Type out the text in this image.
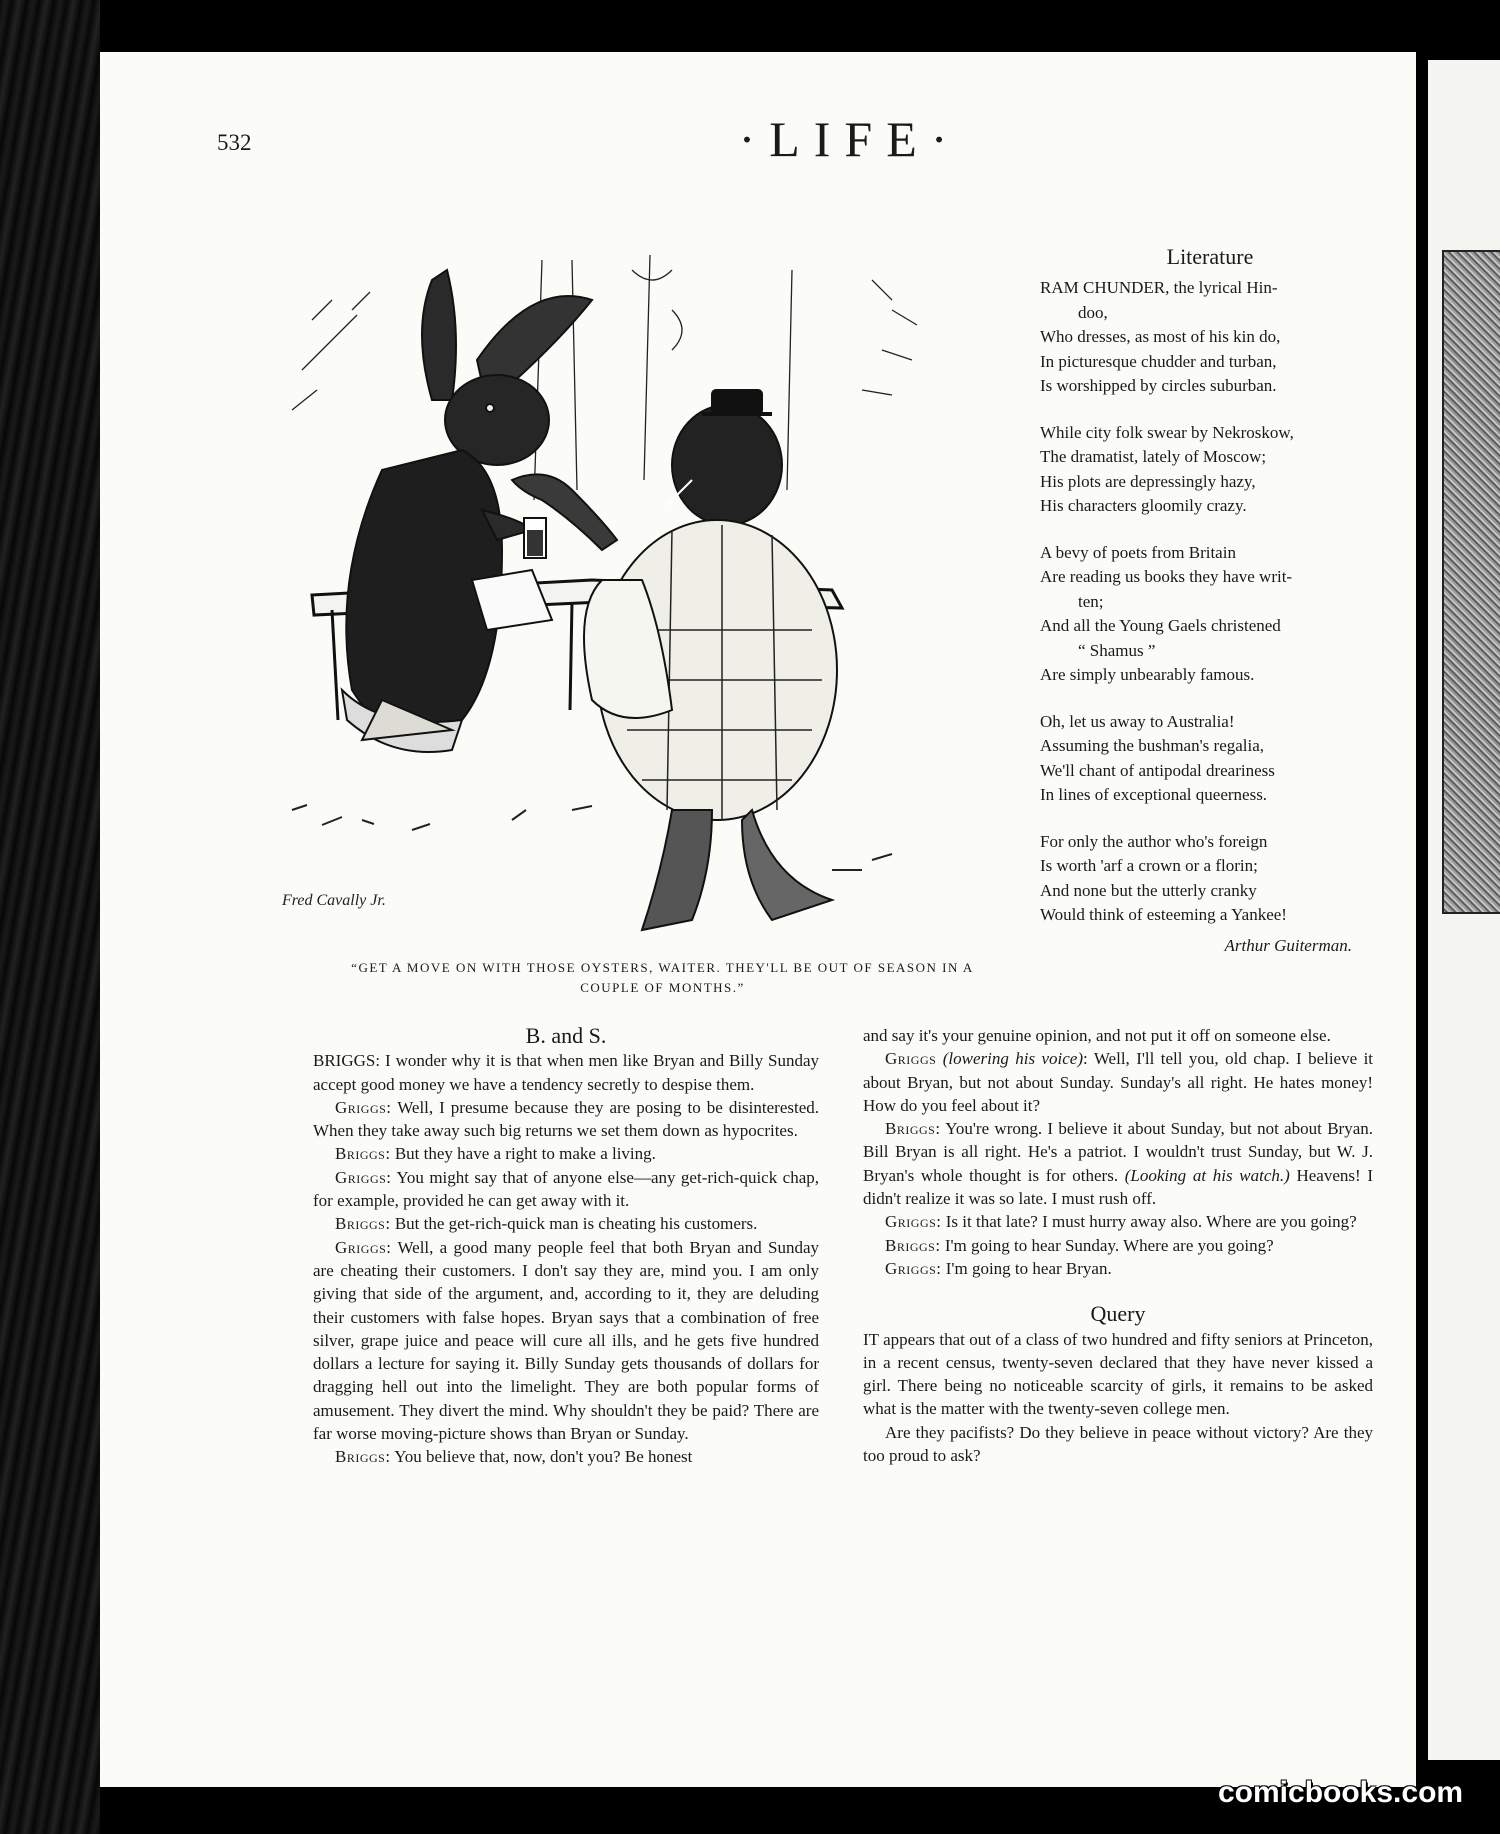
532	·LIFE·
Fred Cavally Jr.
“GET A MOVE ON WITH THOSE OYSTERS, WAITER. THEY'LL BE OUT OF SEASON IN A COUPLE OF MONTHS.”
Literature
RAM CHUNDER, the lyrical Hin-
doo,
Who dresses, as most of his kin do,
In picturesque chudder and turban,
Is worshipped by circles suburban.
While city folk swear by Nekroskow,
The dramatist, lately of Moscow;
His plots are depressingly hazy,
His characters gloomily crazy.
A bevy of poets from Britain
Are reading us books they have writ-
ten;
And all the Young Gaels christened
“ Shamus ”
Are simply unbearably famous.
Oh, let us away to Australia!
Assuming the bushman's regalia,
We'll chant of antipodal dreariness
In lines of exceptional queerness.
For only the author who's foreign
Is worth 'arf a crown or a florin;
And none but the utterly cranky
Would think of esteeming a Yankee!
Arthur Guiterman.
B. and S.

BRIGGS: I wonder why it is that when men like Bryan and Billy Sunday accept good money we have a tendency secretly to despise them.

Griggs: Well, I presume because they are posing to be disinterested. When they take away such big returns we set them down as hypocrites.

Briggs: But they have a right to make a living.

Griggs: You might say that of anyone else—any get-rich-quick chap, for example, provided he can get away with it.

Briggs: But the get-rich-quick man is cheating his customers.

Griggs: Well, a good many people feel that both Bryan and Sunday are cheating their customers. I don't say they are, mind you. I am only giving that side of the argument, and, according to it, they are deluding their customers with false hopes. Bryan says that a combination of free silver, grape juice and peace will cure all ills, and he gets five hundred dollars a lecture for saying it. Billy Sunday gets thousands of dollars for dragging hell out into the limelight. They are both popular forms of amusement. They divert the mind. Why shouldn't they be paid? There are far worse moving-picture shows than Bryan or Sunday.

Briggs: You believe that, now, don't you? Be honest

and say it's your genuine opinion, and not put it off on someone else.

Griggs (lowering his voice): Well, I'll tell you, old chap. I believe it about Bryan, but not about Sunday. Sunday's all right. He hates money! How do you feel about it?

Briggs: You're wrong. I believe it about Sunday, but not about Bryan. Bill Bryan is all right. He's a patriot. I wouldn't trust Sunday, but W. J. Bryan's whole thought is for others. (Looking at his watch.) Heavens! I didn't realize it was so late. I must rush off.

Griggs: Is it that late? I must hurry away also. Where are you going?

Briggs: I'm going to hear Sunday. Where are you going?

Griggs: I'm going to hear Bryan.

Query

IT appears that out of a class of two hundred and fifty seniors at Princeton, in a recent census, twenty-seven declared that they have never kissed a girl. There being no noticeable scarcity of girls, it remains to be asked what is the matter with the twenty-seven college men.

Are they pacifists? Do they believe in peace without victory? Are they too proud to ask?

comicbooks.com
